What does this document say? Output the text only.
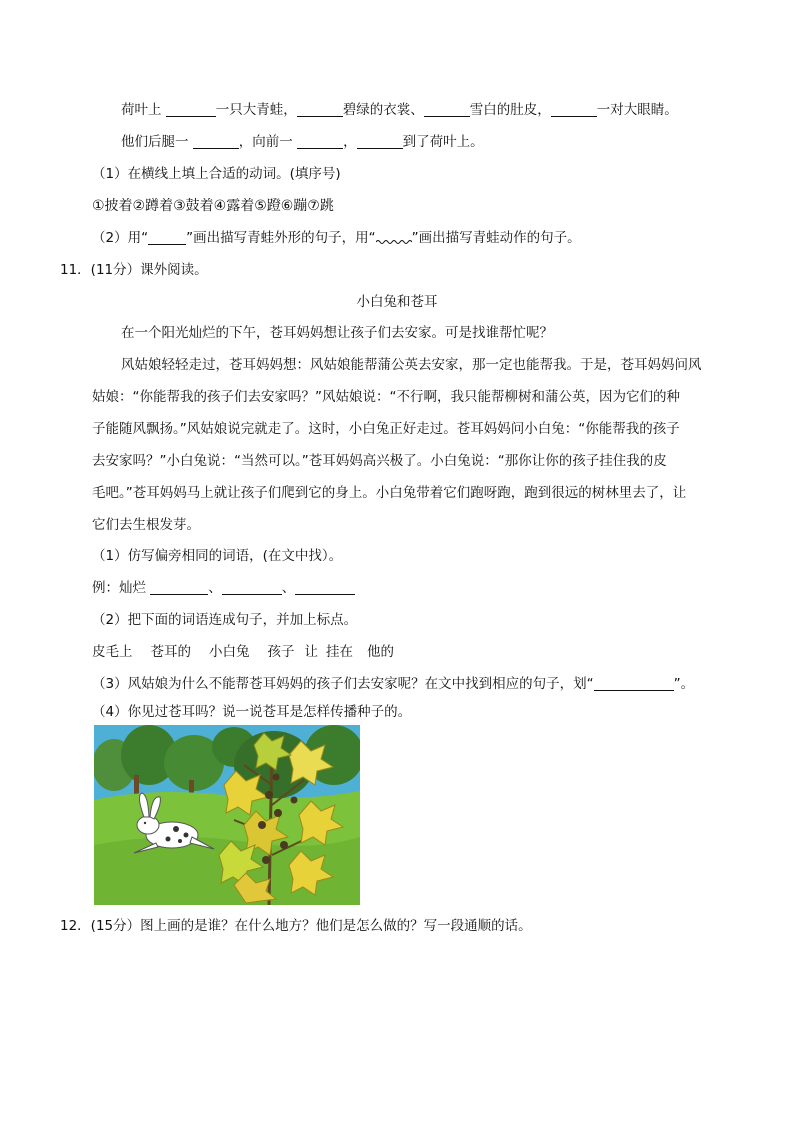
荷叶上	一只大青蛙，	碧绿的衣裳、	雪白的肚皮，	一对大眼睛。
他们后腿一	，向前一	，	到了荷叶上。
（1）在横线上填上合适的动词。(填序号)
①披着②蹲着③鼓着④露着⑤蹬⑥蹦⑦跳
（2）用“	”画出描写青蛙外形的句子，用“	”画出描写青蛙动作的句子。
11．(11分）课外阅读。
小白兔和苍耳
在一个阳光灿烂的下午，苍耳妈妈想让孩子们去安家。可是找谁帮忙呢？
风姑娘轻轻走过，苍耳妈妈想：风姑娘能帮蒲公英去安家，那一定也能帮我。于是，苍耳妈妈问风
姑娘：“你能帮我的孩子们去安家吗？”风姑娘说：“不行啊，我只能帮柳树和蒲公英，因为它们的种
子能随风飘扬。”风姑娘说完就走了。这时，小白兔正好走过。苍耳妈妈问小白兔：“你能帮我的孩子
去安家吗？”小白兔说：“当然可以。”苍耳妈妈高兴极了。小白兔说：“那你让你的孩子挂住我的皮
毛吧。”苍耳妈妈马上就让孩子们爬到它的身上。小白兔带着它们跑呀跑，跑到很远的树林里去了，让
它们去生根发芽。
（1）仿写偏旁相同的词语，(在文中找）。
例：灿烂	、	、
（2）把下面的词语连成句子，并加上标点。
皮毛上 苍耳的 小白兔 孩子 让 挂在 他的
（3）风姑娘为什么不能帮苍耳妈妈的孩子们去安家呢？在文中找到相应的句子，划“	”。
（4）你见过苍耳吗？说一说苍耳是怎样传播种子的。
12．(15分）图上画的是谁？在什么地方？他们是怎么做的？写一段通顺的话。
